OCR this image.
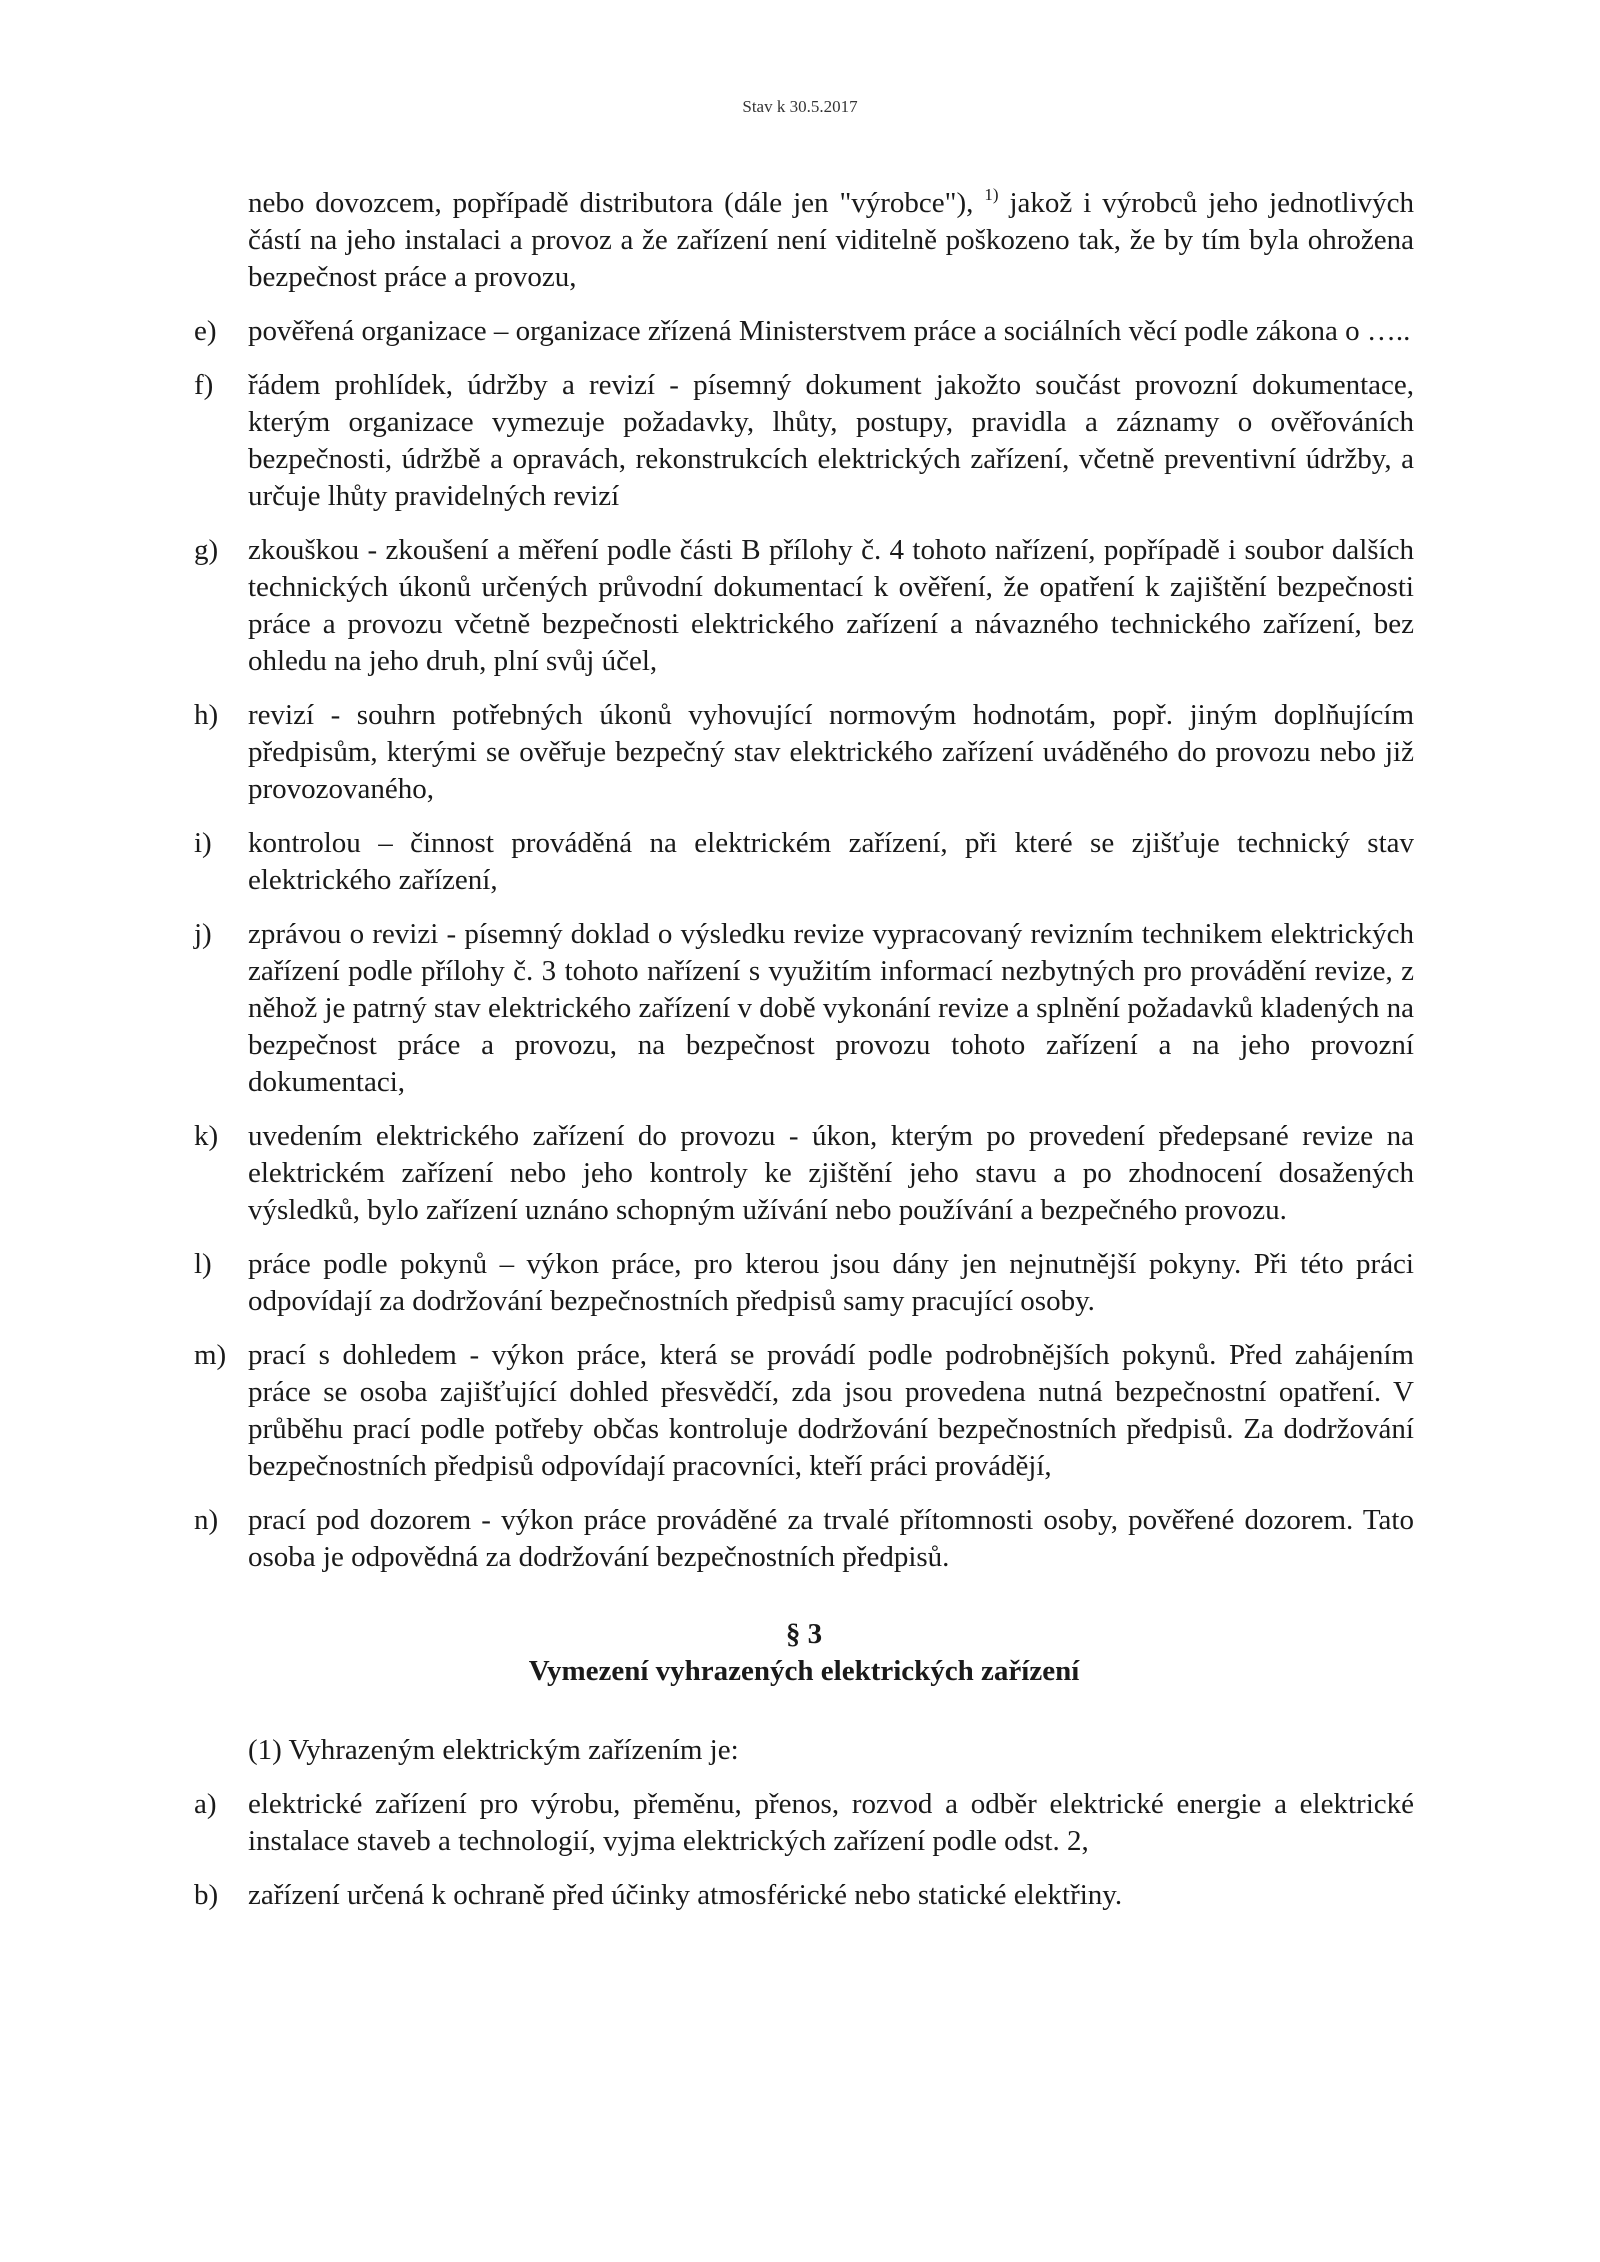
Stav k 30.5.2017
nebo dovozcem, popřípadě distributora (dále jen "výrobce"), $^{1)}$ jakož i výrobců jeho jednotlivých částí na jeho instalaci a provoz a že zařízení není viditelně poškozeno tak, že by tím byla ohrožena bezpečnost práce a provozu,
e)	pověřená organizace – organizace zřízená Ministerstvem práce a sociálních věcí podle zákona o …..
f)	řádem prohlídek, údržby a revizí - písemný dokument jakožto součást provozní dokumentace, kterým organizace vymezuje požadavky, lhůty, postupy, pravidla a záznamy o ověřováních bezpečnosti, údržbě a opravách, rekonstrukcích elektrických zařízení, včetně preventivní údržby, a určuje lhůty pravidelných revizí
g)	zkouškou - zkoušení a měření podle části B přílohy č. 4 tohoto nařízení, popřípadě i soubor dalších technických úkonů určených průvodní dokumentací k ověření, že opatření k zajištění bezpečnosti práce a provozu včetně bezpečnosti elektrického zařízení a návazného technického zařízení, bez ohledu na jeho druh, plní svůj účel,
h)	revizí - souhrn potřebných úkonů vyhovující normovým hodnotám, popř. jiným doplňujícím předpisům, kterými se ověřuje bezpečný stav elektrického zařízení uváděného do provozu nebo již provozovaného,
i)	kontrolou – činnost prováděná na elektrickém zařízení, při které se zjišťuje technický stav elektrického zařízení,
j)	zprávou o revizi - písemný doklad o výsledku revize vypracovaný revizním technikem elektrických zařízení podle přílohy č. 3 tohoto nařízení s využitím informací nezbytných pro provádění revize, z něhož je patrný stav elektrického zařízení v době vykonání revize a splnění požadavků kladených na bezpečnost práce a provozu, na bezpečnost provozu tohoto zařízení a na jeho provozní dokumentaci,
k)	uvedením elektrického zařízení do provozu - úkon, kterým po provedení předepsané revize na elektrickém zařízení nebo jeho kontroly ke zjištění jeho stavu a po zhodnocení dosažených výsledků, bylo zařízení uznáno schopným užívání nebo používání a bezpečného provozu.
l)	práce podle pokynů – výkon práce, pro kterou jsou dány jen nejnutnější pokyny. Při této práci odpovídají za dodržování bezpečnostních předpisů samy pracující osoby.
m) prací s dohledem - výkon práce, která se provádí podle podrobnějších pokynů. Před zahájením práce se osoba zajišťující dohled přesvědčí, zda jsou provedena nutná bezpečnostní opatření. V průběhu prací podle potřeby občas kontroluje dodržování bezpečnostních předpisů. Za dodržování bezpečnostních předpisů odpovídají pracovníci, kteří práci provádějí,
n)	prací pod dozorem - výkon práce prováděné za trvalé přítomnosti osoby, pověřené dozorem. Tato osoba je odpovědná za dodržování bezpečnostních předpisů.
§ 3
Vymezení vyhrazených elektrických zařízení
(1) Vyhrazeným elektrickým zařízením je:
a)	elektrické zařízení pro výrobu, přeměnu, přenos, rozvod a odběr elektrické energie a elektrické instalace staveb a technologií, vyjma elektrických zařízení podle odst. 2,
b)	zařízení určená k ochraně před účinky atmosférické nebo statické elektřiny.
